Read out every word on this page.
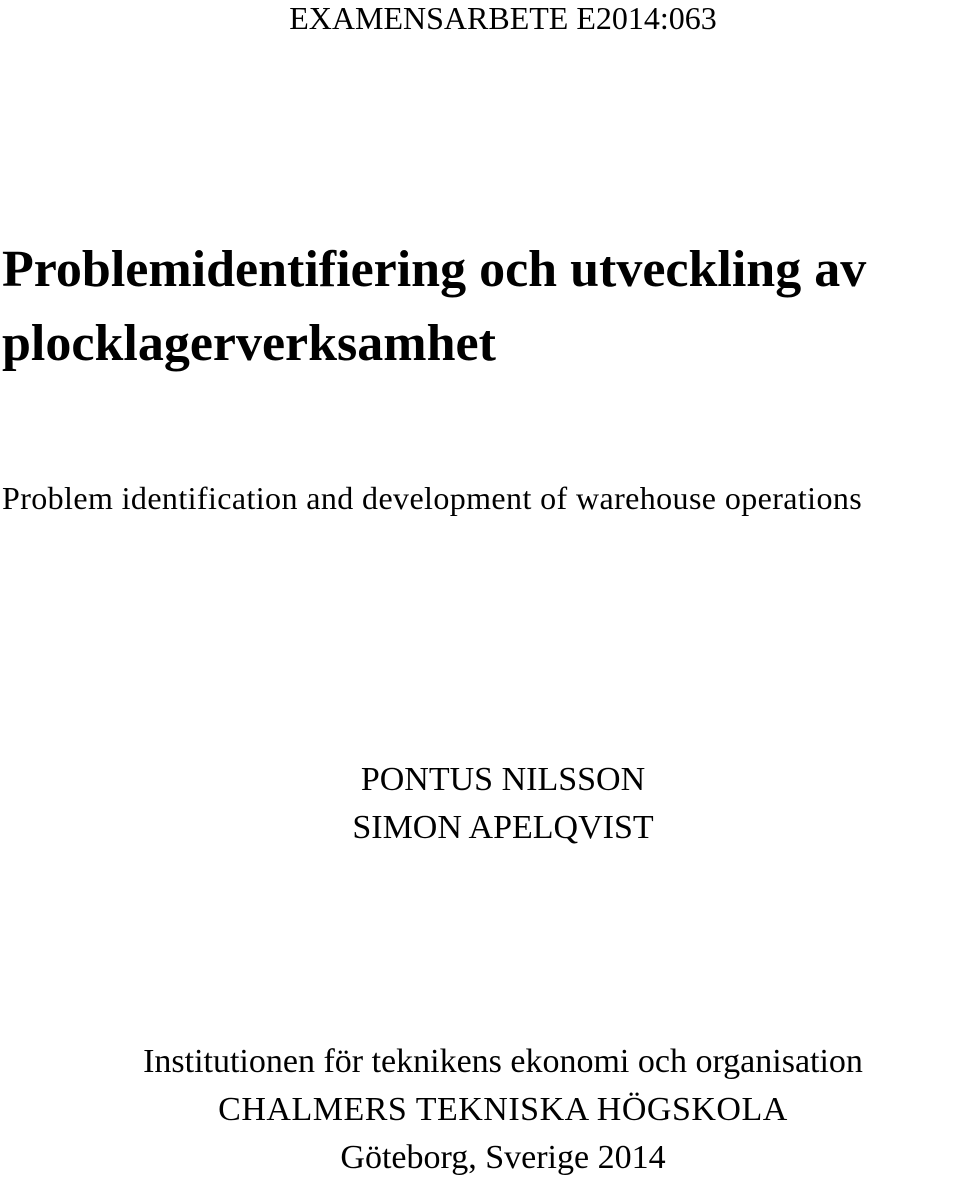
EXAMENSARBETE E2014:063
Problemidentifiering och utveckling av
plocklagerverksamhet
Problem identification and development of warehouse operations
PONTUS NILSSON
SIMON APELQVIST
Institutionen för teknikens ekonomi och organisation
CHALMERS TEKNISKA HÖGSKOLA
Göteborg, Sverige 2014
